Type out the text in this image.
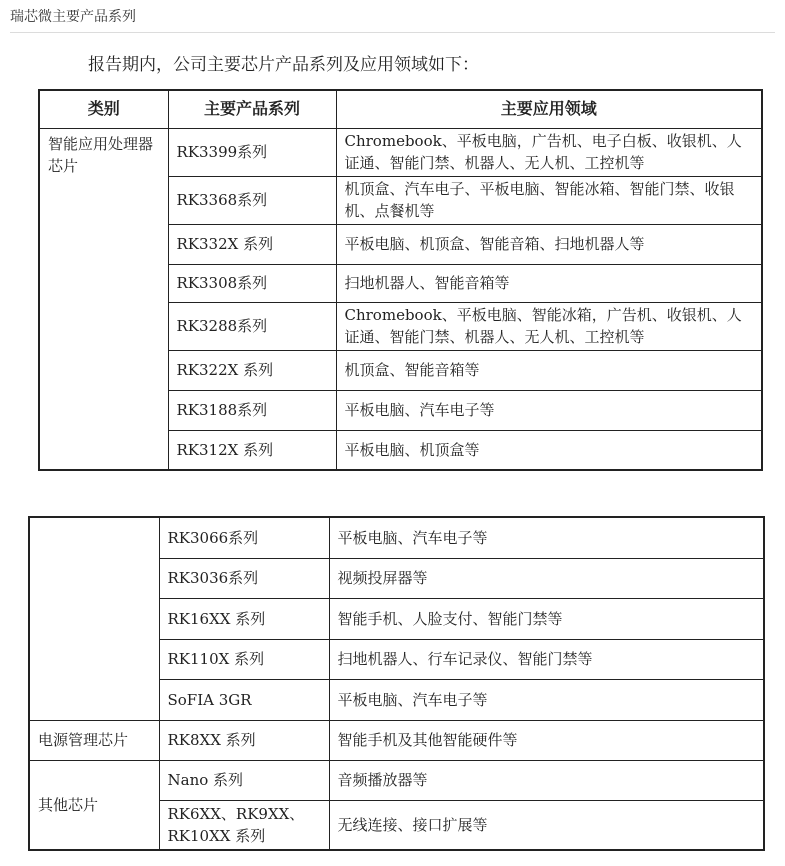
瑞芯微主要产品系列
报告期内，公司主要芯片产品系列及应用领域如下：
类别	主要产品系列	主要应用领域
智能应用处理器芯片	RK3399系列	Chromebook、平板电脑，广告机、电子白板、收银机、人证通、智能门禁、机器人、无人机、工控机等
	RK3368系列	机顶盒、汽车电子、平板电脑、智能冰箱、智能门禁、收银机、点餐机等
	RK332X 系列	平板电脑、机顶盒、智能音箱、扫地机器人等
	RK3308系列	扫地机器人、智能音箱等
	RK3288系列	Chromebook、平板电脑、智能冰箱，广告机、收银机、人证通、智能门禁、机器人、无人机、工控机等
	RK322X 系列	机顶盒、智能音箱等
	RK3188系列	平板电脑、汽车电子等
	RK312X 系列	平板电脑、机顶盒等
	RK3066系列	平板电脑、汽车电子等
	RK3036系列	视频投屏器等
	RK16XX 系列	智能手机、人脸支付、智能门禁等
	RK110X 系列	扫地机器人、行车记录仪、智能门禁等
	SoFIA 3GR	平板电脑、汽车电子等
电源管理芯片	RK8XX 系列	智能手机及其他智能硬件等
其他芯片	Nano 系列	音频播放器等
	RK6XX、RK9XX、RK10XX 系列	无线连接、接口扩展等
